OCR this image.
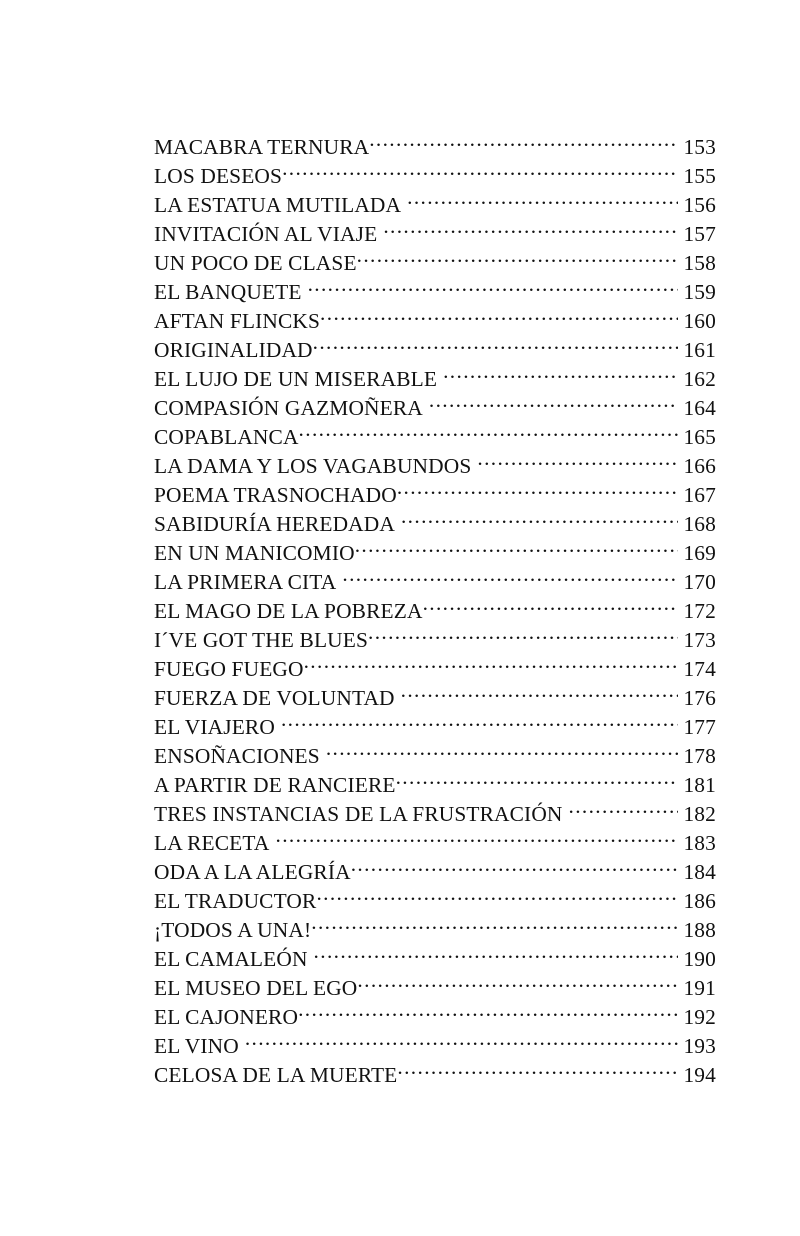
MACABRA TERNURA .....	153
LOS DESEOS .....	155
LA ESTATUA MUTILADA .....	156
INVITACIÓN AL VIAJE .....	157
UN POCO DE CLASE .....	158
EL BANQUETE .....	159
AFTAN FLINCKS .....	160
ORIGINALIDAD .....	161
EL LUJO DE UN MISERABLE .....	162
COMPASIÓN GAZMOÑERA .....	164
COPABLANCA .....	165
LA DAMA Y LOS VAGABUNDOS .....	166
POEMA TRASNOCHADO .....	167
SABIDURÍA HEREDADA .....	168
EN UN MANICOMIO .....	169
LA PRIMERA CITA .....	170
EL MAGO DE LA POBREZA .....	172
I´VE GOT THE BLUES .....	173
FUEGO FUEGO .....	174
FUERZA DE VOLUNTAD .....	176
EL VIAJERO .....	177
ENSOÑACIONES .....	178
A PARTIR DE RANCIERE .....	181
TRES INSTANCIAS DE LA FRUSTRACIÓN .....	182
LA RECETA .....	183
ODA A LA ALEGRÍA .....	184
EL TRADUCTOR .....	186
¡TODOS A UNA! .....	188
EL CAMALEÓN .....	190
EL MUSEO DEL EGO .....	191
EL CAJONERO .....	192
EL VINO .....	193
CELOSA DE LA MUERTE .....	194
